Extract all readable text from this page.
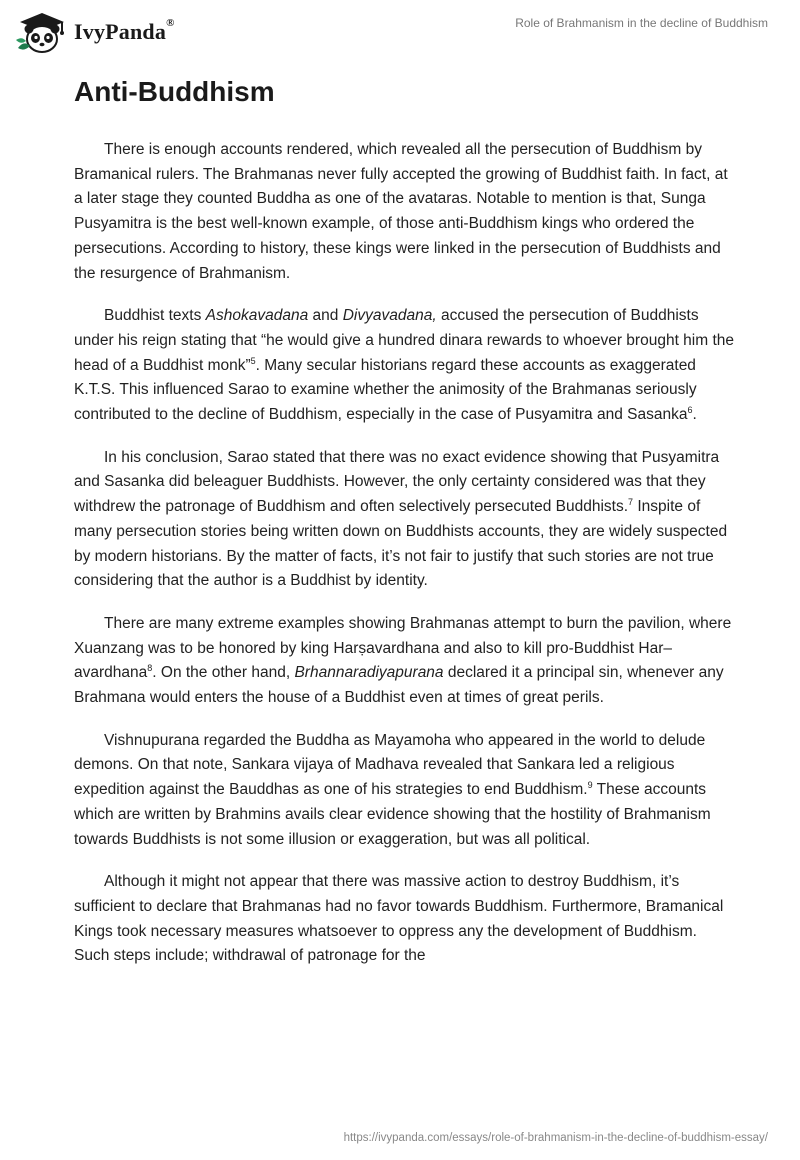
IvyPanda®	Role of Brahmanism in the decline of Buddhism
Anti-Buddhism

There is enough accounts rendered, which revealed all the persecution of Buddhism by Bramanical rulers. The Brahmanas never fully accepted the growing of Buddhist faith. In fact, at a later stage they counted Buddha as one of the avataras. Notable to mention is that, Sunga Pusyamitra is the best well-known example, of those anti-Buddhism kings who ordered the persecutions. According to history, these kings were linked in the persecution of Buddhists and the resurgence of Brahmanism.

Buddhist texts Ashokavadana and Divyavadana, accused the persecution of Buddhists under his reign stating that “he would give a hundred dinara rewards to whoever brought him the head of a Buddhist monk”$^5$. Many secular historians regard these accounts as exaggerated K.T.S. This influenced Sarao to examine whether the animosity of the Brahmanas seriously contributed to the decline of Buddhism, especially in the case of Pusyamitra and Sasanka$^6$.

In his conclusion, Sarao stated that there was no exact evidence showing that Pusyamitra and Sasanka did beleaguer Buddhists. However, the only certainty considered was that they withdrew the patronage of Buddhism and often selectively persecuted Buddhists.$^7$ Inspite of many persecution stories being written down on Buddhists accounts, they are widely suspected by modern historians. By the matter of facts, it’s not fair to justify that such stories are not true considering that the author is a Buddhist by identity.

There are many extreme examples showing Brahmanas attempt to burn the pavilion, where Xuanzang was to be honored by king Harṣavardhana and also to kill pro-Buddhist Har–avardhana$^8$. On the other hand, Brhannaradiyapurana declared it a principal sin, whenever any Brahmana would enters the house of a Buddhist even at times of great perils.

Vishnupurana regarded the Buddha as Mayamoha who appeared in the world to delude demons. On that note, Sankara vijaya of Madhava revealed that Sankara led a religious expedition against the Bauddhas as one of his strategies to end Buddhism.$^9$ These accounts which are written by Brahmins avails clear evidence showing that the hostility of Brahmanism towards Buddhists is not some illusion or exaggeration, but was all political.

Although it might not appear that there was massive action to destroy Buddhism, it’s sufficient to declare that Brahmanas had no favor towards Buddhism. Furthermore, Bramanical Kings took necessary measures whatsoever to oppress any the development of Buddhism. Such steps include; withdrawal of patronage for the

https://ivypanda.com/essays/role-of-brahmanism-in-the-decline-of-buddhism-essay/
